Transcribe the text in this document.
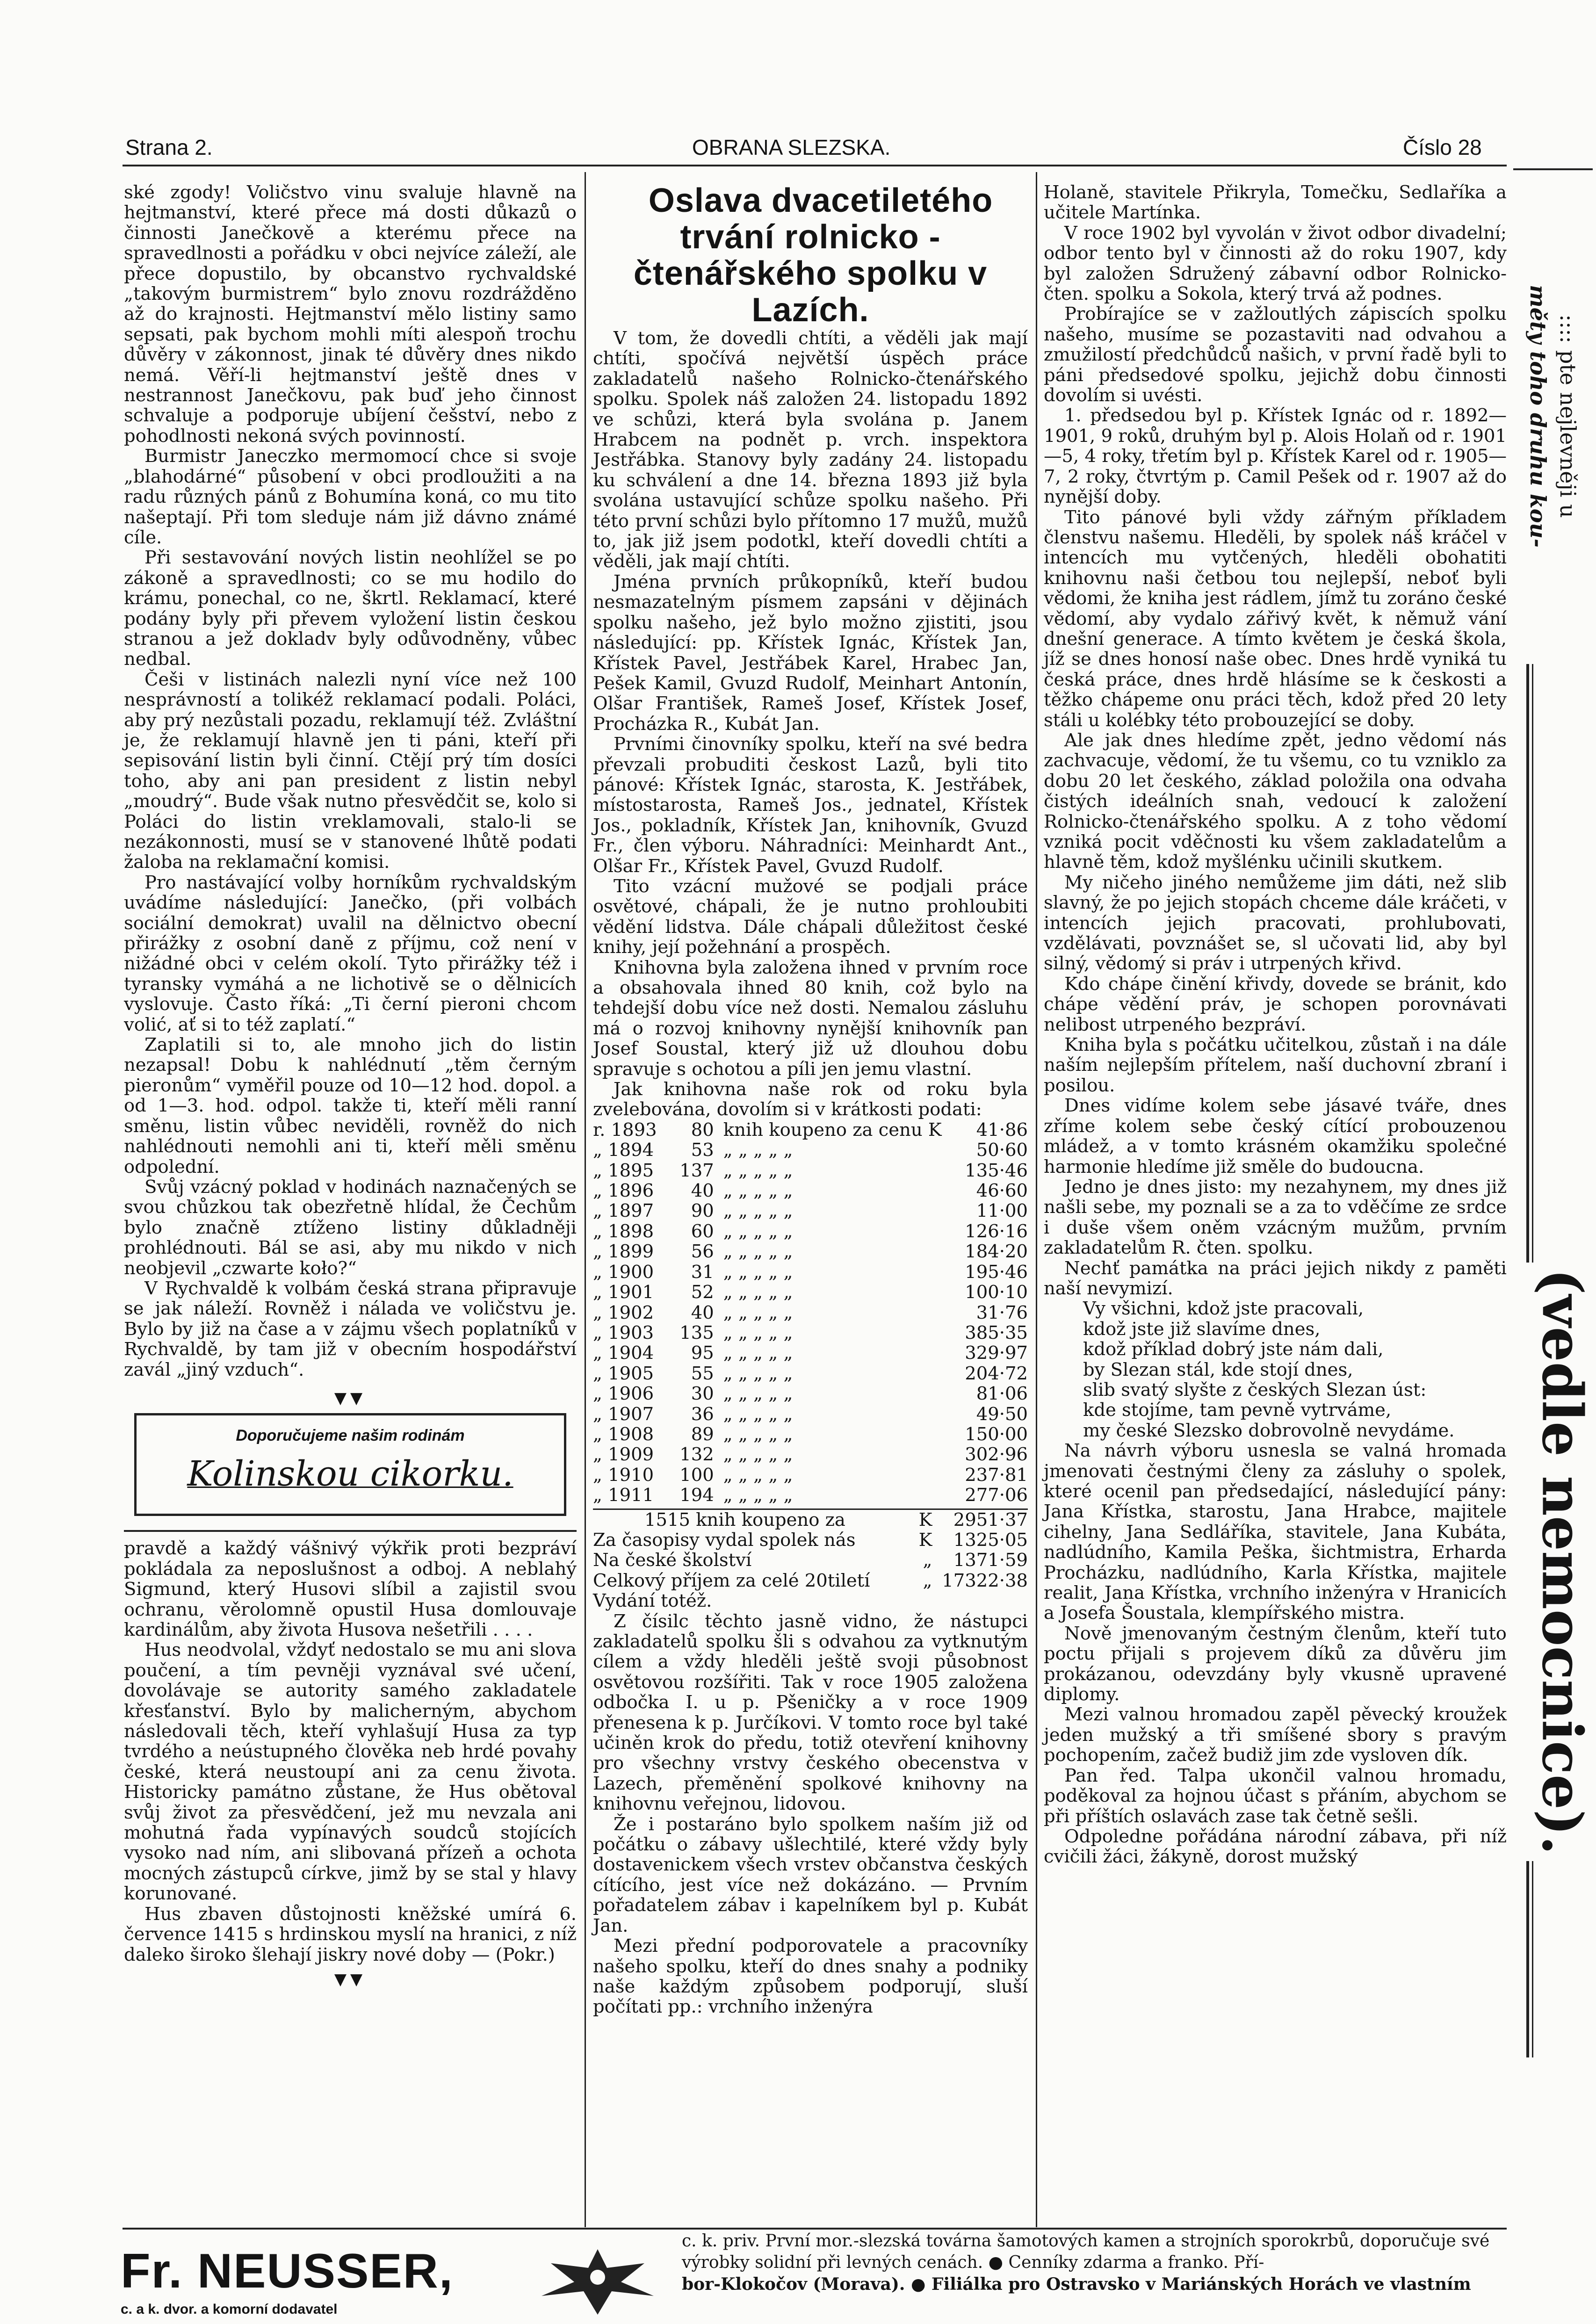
Strana 2.	OBRANA SLEZSKA.	Číslo 28

ské zgody! Voličstvo vinu svaluje hlavně na hejtmanství, které přece má dosti důkazů o činnosti Janečkově a kterému přece na spravedlnosti a pořádku v obci nejvíce záleží, ale přece dopustilo, by obcanstvo rychvaldské „takovým burmistrem“ bylo znovu rozdrážděno až do krajnosti. Hejtmanství mělo listiny samo sepsati, pak bychom mohli míti alespoň trochu důvěry v zákonnost, jinak té důvěry dnes nikdo nemá. Věří-li hejtmanství ještě dnes v nestrannost Janečkovu, pak buď jeho činnost schvaluje a podporuje ubíjení češství, nebo z pohodlnosti nekoná svých povinností.

Burmistr Janeczko mermomocí chce si svoje „blahodárné“ působení v obci prodloužiti a na radu různých pánů z Bohumína koná, co mu tito našeptají. Při tom sleduje nám již dávno známé cíle.

Při sestavování nových listin neohlížel se po zákoně a spravedlnosti; co se mu hodilo do krámu, ponechal, co ne, škrtl. Reklamací, které podány byly při převem vyložení listin českou stranou a jež dokladv byly odůvodněny, vůbec nedbal.

Češi v listinách nalezli nyní více než 100 nesprávností a tolikéž reklamací podali. Poláci, aby prý nezůstali pozadu, reklamují též. Zvláštní je, že reklamují hlavně jen ti páni, kteří při sepisování listin byli činní. Ctějí prý tím dosíci toho, aby ani pan president z listin nebyl „moudrý“. Bude však nutno přesvědčit se, kolo si Poláci do listin vreklamovali, stalo-li se nezákonnosti, musí se v stanovené lhůtě podati žaloba na reklamační komisi.

Pro nastávající volby horníkům rychvaldským uvádíme následující: Janečko, (při volbách sociální demokrat) uvalil na dělnictvo obecní přirážky z osobní daně z příjmu, což není v nižádné obci v celém okolí. Tyto přirážky též i tyransky vymáhá a ne lichotivě se o dělnicích vyslovuje. Často říká: „Ti černí pieroni chcom volić, ať si to též zaplatí.“

Zaplatili si to, ale mnoho jich do listin nezapsal! Dobu k nahlédnutí „těm černým pieronům“ vyměřil pouze od 10—12 hod. dopol. a od 1—3. hod. odpol. takže ti, kteří měli ranní směnu, listin vůbec neviděli, rovněž do nich nahlédnouti nemohli ani ti, kteří měli směnu odpolední.

Svůj vzácný poklad v hodinách naznačených se svou chůzkou tak obezřetně hlídal, že Čechům bylo značně ztíženo listiny důkladněji prohlédnouti. Bál se asi, aby mu nikdo v nich neobjevil „czwarte koło?“

V Rychvaldě k volbám česká strana připravuje se jak náleží. Rovněž i nálada ve voličstvu je. Bylo by již na čase a v zájmu všech poplatníků v Rychvaldě, by tam již v obecním hospodářství zavál „jiný vzduch“.

▼▼
Doporučujeme našim rodinám
Kolinskou cikorku.

pravdě a každý vášnivý výkřik proti bezpráví pokládala za neposlušnost a odboj. A neblahý Sigmund, který Husovi slíbil a zajistil svou ochranu, věrolomně opustil Husa domlouvaje kardinálům, aby života Husova nešetřili . . . .

Hus neodvolal, vždyť nedostalo se mu ani slova poučení, a tím pevněji vyznával své učení, dovolávaje se autority samého zakladatele křesťanství. Bylo by malicherným, abychom následovali těch, kteří vyhlašují Husa za typ tvrdého a neústupného člověka neb hrdé povahy české, která neustoupí ani za cenu života. Historicky památno zůstane, že Hus obětoval svůj život za přesvědčení, jež mu nevzala ani mohutná řada vypínavých soudců stojících vysoko nad ním, ani slibovaná přízeň a ochota mocných zástupců církve, jimž by se stal y hlavy korunované.

Hus zbaven důstojnosti kněžské umírá 6. července 1415 s hrdinskou myslí na hranici, z níž daleko široko šlehají jiskry nové doby — (Pokr.)

▼▼

Oslava dvacetiletého trvání rolnicko - čtenářského spolku v Lazích.

V tom, že dovedli chtíti, a věděli jak mají chtíti, spočívá největší úspěch práce zakladatelů našeho Rolnicko-čtenářského spolku. Spolek náš založen 24. listopadu 1892 ve schůzi, která byla svolána p. Janem Hrabcem na podnět p. vrch. inspektora Jestřábka. Stanovy byly zadány 24. listopadu ku schválení a dne 14. března 1893 již byla svolána ustavující schůze spolku našeho. Při této první schůzi bylo přítomno 17 mužů, mužů to, jak již jsem podotkl, kteří dovedli chtíti a věděli, jak mají chtíti.

Jména prvních průkopníků, kteří budou nesmazatelným písmem zapsáni v dějinách spolku našeho, jež bylo možno zjistiti, jsou následující: pp. Křístek Ignác, Křístek Jan, Křístek Pavel, Jestřábek Karel, Hrabec Jan, Pešek Kamil, Gvuzd Rudolf, Meinhart Antonín, Olšar František, Rameš Josef, Křístek Josef, Procházka R., Kubát Jan.

Prvními činovníky spolku, kteří na své bedra převzali probuditi českost Lazů, byli tito pánové: Křístek Ignác, starosta, K. Jestřábek, místostarosta, Rameš Jos., jednatel, Křístek Jos., pokladník, Křístek Jan, knihovník, Gvuzd Fr., člen výboru. Náhradníci: Meinhardt Ant., Olšar Fr., Křístek Pavel, Gvuzd Rudolf.

Tito vzácní mužové se podjali práce osvětové, chápali, že je nutno prohloubiti vědění lidstva. Dále chápali důležitost české knihy, její požehnání a prospěch.

Knihovna byla založena ihned v prvním roce a obsahovala ihned 80 knih, což bylo na tehdejší dobu více než dosti. Nemalou zásluhu má o rozvoj knihovny nynější knihovník pan Josef Soustal, který již už dlouhou dobu spravuje s ochotou a píli jen jemu vlastní.

Jak knihovna naše rok od roku byla zvelebována, dovolím si v krátkosti podati:

r. 1893	80	knih koupeno za cenu K	41·86
„ 1894	53	„ „ „ „ „	50·60
„ 1895	137	„ „ „ „ „	135·46
„ 1896	40	„ „ „ „ „	46·60
„ 1897	90	„ „ „ „ „	11·00
„ 1898	60	„ „ „ „ „	126·16
„ 1899	56	„ „ „ „ „	184·20
„ 1900	31	„ „ „ „ „	195·46
„ 1901	52	„ „ „ „ „	100·10
„ 1902	40	„ „ „ „ „	31·76
„ 1903	135	„ „ „ „ „	385·35
„ 1904	95	„ „ „ „ „	329·97
„ 1905	55	„ „ „ „ „	204·72
„ 1906	30	„ „ „ „ „	81·06
„ 1907	36	„ „ „ „ „	49·50
„ 1908	89	„ „ „ „ „	150·00
„ 1909	132	„ „ „ „ „	302·96
„ 1910	100	„ „ „ „ „	237·81
„ 1911	194	„ „ „ „ „	277·06
1515 knih koupeno za	K	2951·37
Za časopisy vydal spolek nás	K	1325·05
Na české školství	„	1371·59
Celkový příjem za celé 20tiletí	„	17322·38
Vydání totéž.		

Z čísilc těchto jasně vidno, že nástupci zakladatelů spolku šli s odvahou za vytknutým cílem a vždy hleděli ještě svoji působnost osvětovou rozšířiti. Tak v roce 1905 založena odbočka I. u p. Pšeničky a v roce 1909 přenesena k p. Jurčíkovi. V tomto roce byl také učiněn krok do předu, totiž otevření knihovny pro všechny vrstvy českého obecenstva v Lazech, přeměnění spolkové knihovny na knihovnu veřejnou, lidovou.

Že i postaráno bylo spolkem naším již od počátku o zábavy ušlechtilé, které vždy byly dostavenickem všech vrstev občanstva českých cítícího, jest více než dokázáno. — Prvním pořadatelem zábav i kapelníkem byl p. Kubát Jan.

Mezi přední podporovatele a pracovníky našeho spolku, kteří do dnes snahy a podniky naše každým způsobem podporují, sluší počítati pp.: vrchního inženýra

Holaně, stavitele Přikryla, Tomečku, Sedlaříka a učitele Martínka.

V roce 1902 byl vyvolán v život odbor divadelní; odbor tento byl v činnosti až do roku 1907, kdy byl založen Sdružený zábavní odbor Rolnicko-čten. spolku a Sokola, který trvá až podnes.

Probírajíce se v zažloutlých zápiscích spolku našeho, musíme se pozastaviti nad odvahou a zmužilostí předchůdců našich, v první řadě byli to páni předsedové spolku, jejichž dobu činnosti dovolím si uvésti.

1. předsedou byl p. Křístek Ignác od r. 1892—1901, 9 roků, druhým byl p. Alois Holaň od r. 1901—5, 4 roky, třetím byl p. Křístek Karel od r. 1905—7, 2 roky, čtvrtým p. Camil Pešek od r. 1907 až do nynější doby.

Tito pánové byli vždy zářným příkladem členstvu našemu. Hleděli, by spolek náš kráčel v intencích mu vytčených, hleděli obohatiti knihovnu naši četbou tou nejlepší, neboť byli vědomi, že kniha jest rádlem, jímž tu zoráno české vědomí, aby vydalo zářivý květ, k němuž vání dnešní generace. A tímto květem je česká škola, jíž se dnes honosí naše obec. Dnes hrdě vyniká tu česká práce, dnes hrdě hlásíme se k českosti a těžko chápeme onu práci těch, kdož před 20 lety stáli u kolébky této probouzející se doby.

Ale jak dnes hledíme zpět, jedno vědomí nás zachvacuje, vědomí, že tu všemu, co tu vzniklo za dobu 20 let českého, základ položila ona odvaha čistých ideálních snah, vedoucí k založení Rolnicko-čtenářského spolku. A z toho vědomí vzniká pocit vděčnosti ku všem zakladatelům a hlavně těm, kdož myšlénku učinili skutkem.

My ničeho jiného nemůžeme jim dáti, než slib slavný, že po jejich stopách chceme dále kráčeti, v intencích jejich pracovati, prohlubovati, vzdělávati, povznášet se, sl učovati lid, aby byl silný, vědomý si práv i utrpených křivd.

Kdo chápe činění křivdy, dovede se bránit, kdo chápe vědění práv, je schopen porovnávati nelibost utrpeného bezpráví.

Kniha byla s počátku učitelkou, zůstaň i na dále naším nejlepším přítelem, naší duchovní zbraní i posilou.

Dnes vidíme kolem sebe jásavé tváře, dnes zříme kolem sebe český cítící probouzenou mládež, a v tomto krásném okamžiku společné harmonie hledíme již směle do budoucna.

Jedno je dnes jisto: my nezahynem, my dnes již našli sebe, my poznali se a za to vděčíme ze srdce i duše všem oněm vzácným mužům, prvním zakladatelům R. čten. spolku.

Nechť památka na práci jejich nikdy z paměti naší nevymizí.

Vy všichni, kdož jste pracovali,
kdož jste již slavíme dnes,
kdož příklad dobrý jste nám dali,
by Slezan stál, kde stojí dnes,
slib svatý slyšte z českých Slezan úst:
kde stojíme, tam pevně vytrváme,
my české Slezsko dobrovolně nevydáme.

Na návrh výboru usnesla se valná hromada jmenovati čestnými členy za zásluhy o spolek, které ocenil pan předsedající, následující pány: Jana Křístka, starostu, Jana Hrabce, majitele cihelny, Jana Sedláříka, stavitele, Jana Kubáta, nadlúdního, Kamila Peška, šichtmistra, Erharda Procházku, nadlúdního, Karla Křístka, majitele realit, Jana Křístka, vrchního inženýra v Hranicích a Josefa Šoustala, klempířského mistra.

Nově jmenovaným čestným členům, kteří tuto poctu přijali s projevem díků za důvěru jim prokázanou, odevzdány byly vkusně upravené diplomy.

Mezi valnou hromadou zapěl pěvecký kroužek jeden mužský a tři smíšené sbory s pravým pochopením, začež budiž jim zde vysloven dík.

Pan řed. Talpa ukončil valnou hromadu, poděkoval za hojnou účast s přáním, abychom se při příštích oslavách zase tak četně sešli.

Odpoledne pořádána národní zábava, při níž cvičili žáci, žákyně, dorost mužský

měty toho druhu kou- :::: pte nejlevněji u
(vedle nemocnice).
Fr. NEUSSER,
c. a k. dvor. a komorní dodavatel
c. k. priv. První mor.-slezská továrna šamotových kamen a strojních sporokrbů, doporučuje své výrobky solidní při levných cenách. ● Cenníky zdarma a franko. Pří-
bor-Klokočov (Morava). ● Filiálka pro Ostravsko v Mariánských Horách ve vlastním
